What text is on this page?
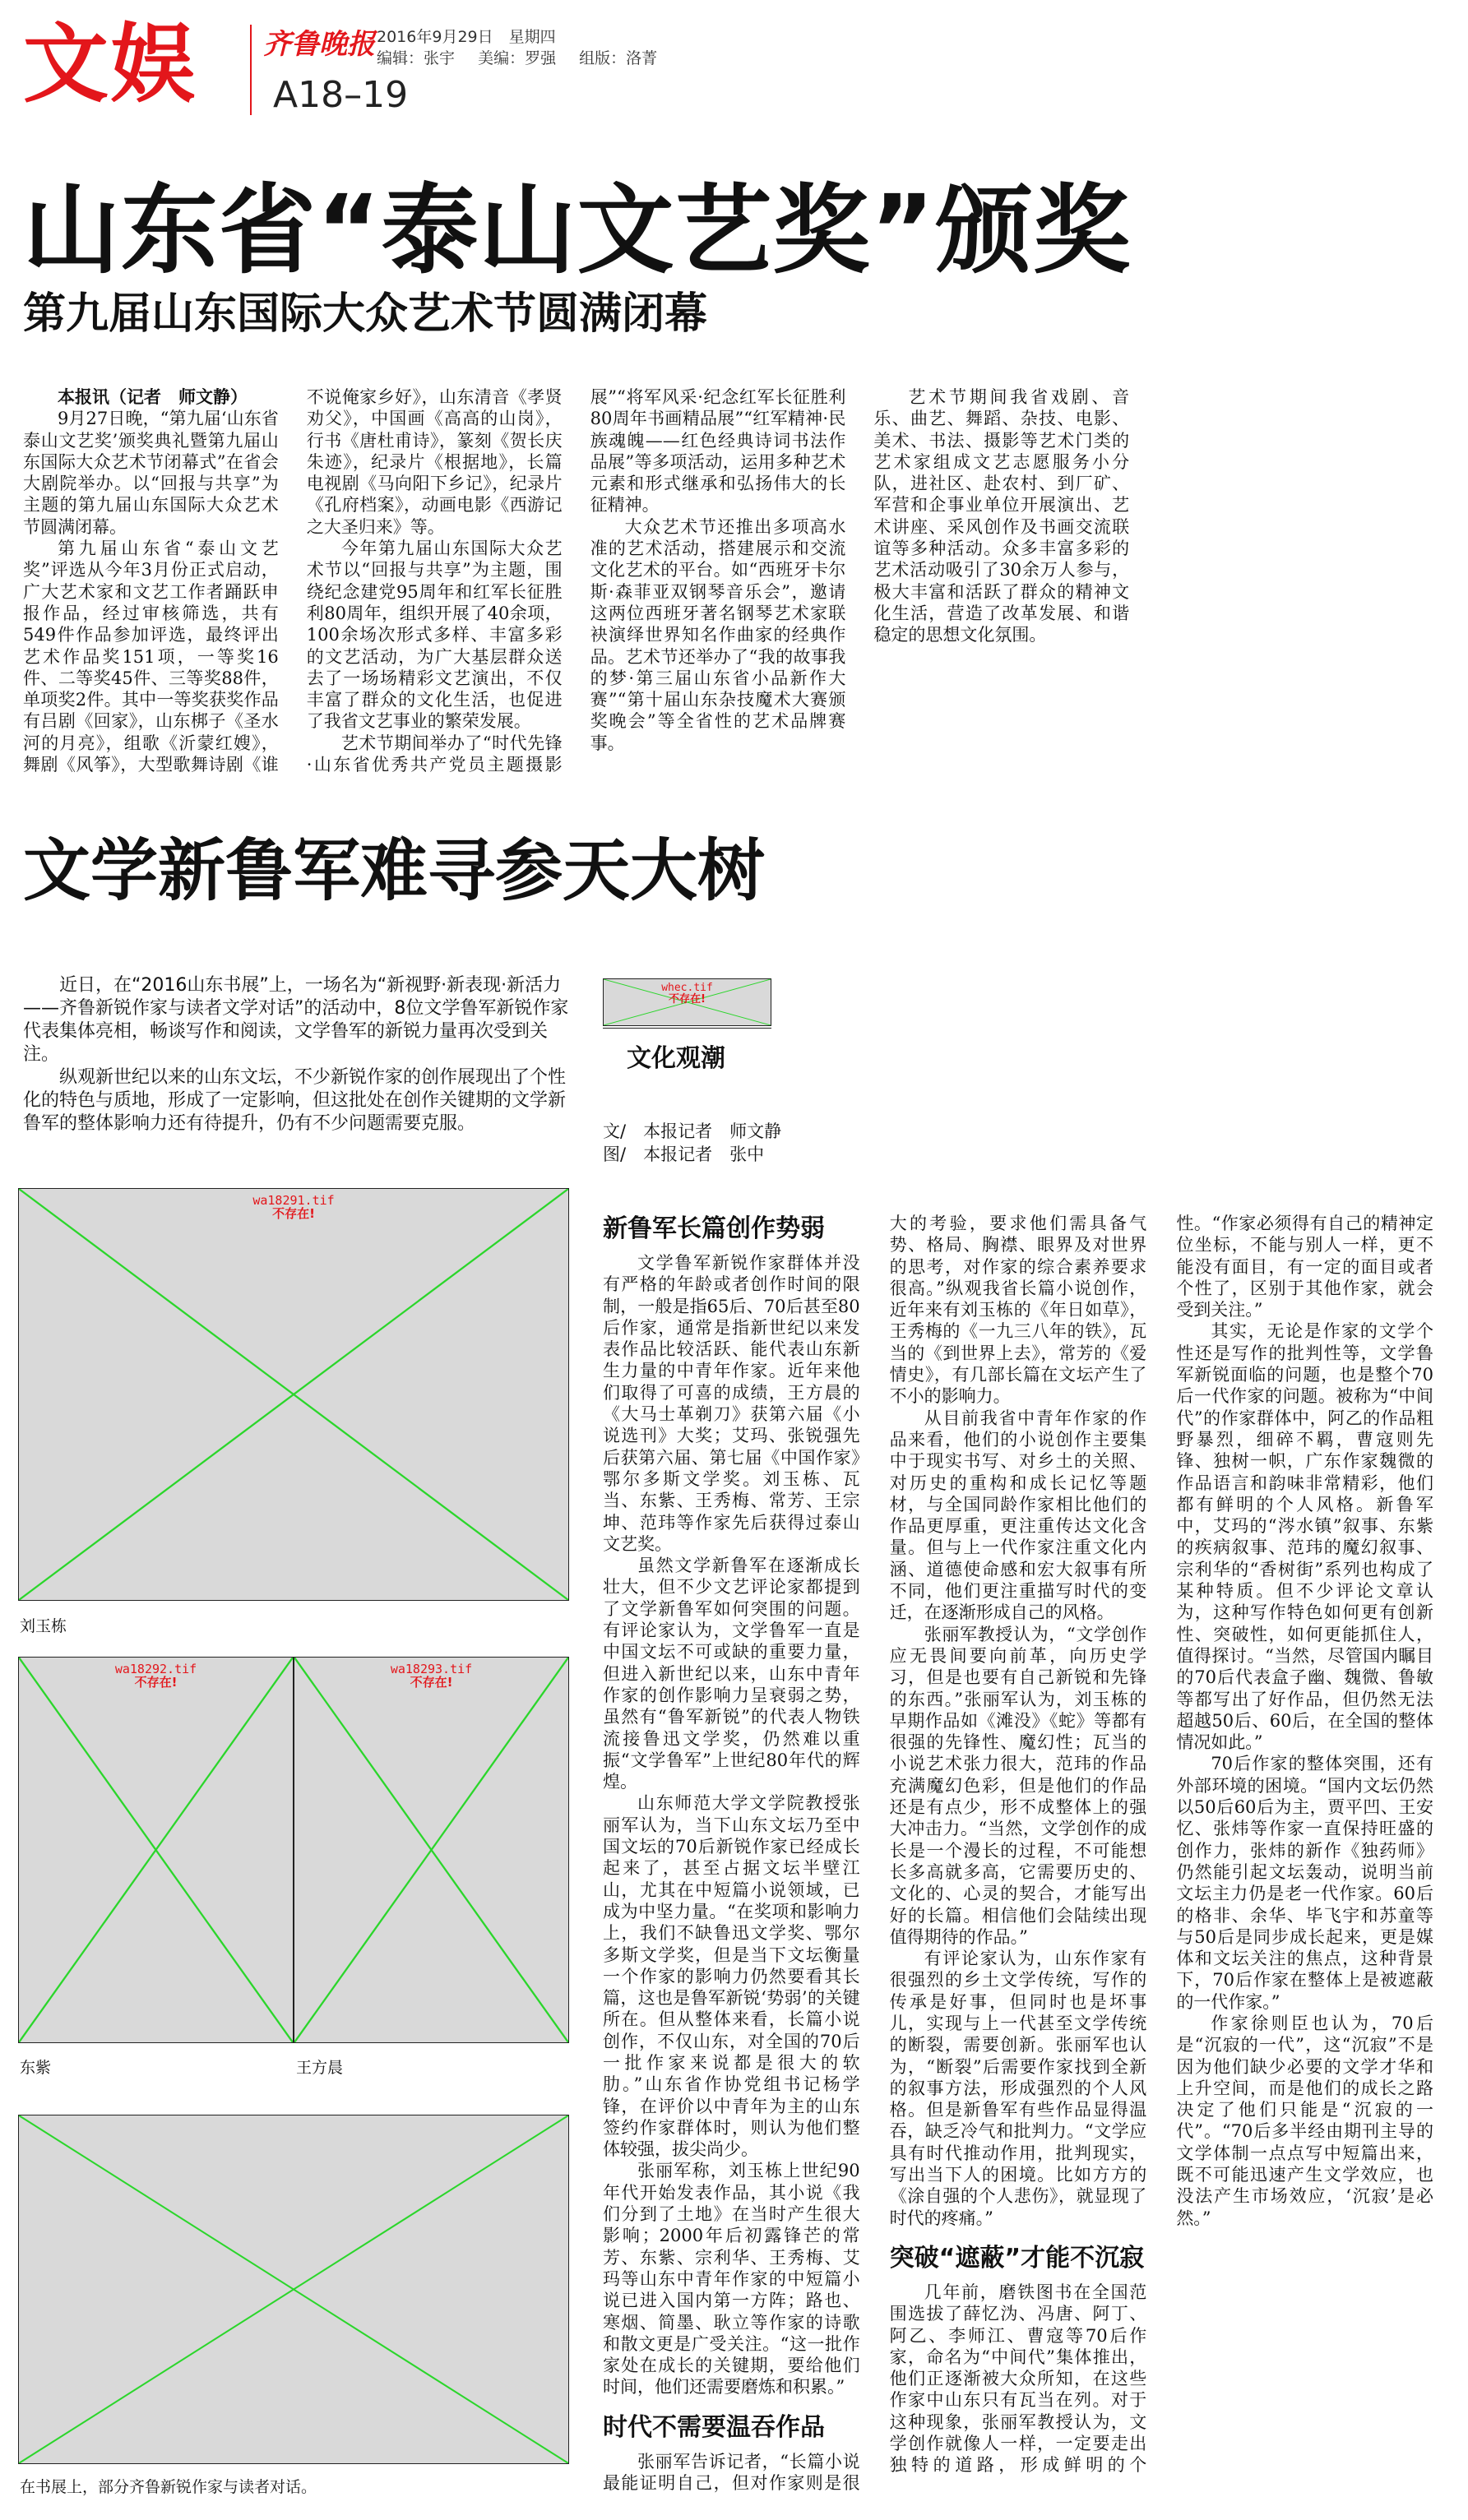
文娱 齐鲁晚报 2016年9月29日　星期四
编辑：张宇 美编：罗强 组版：洛菁
A18–19
山东省“泰山文艺奖”颁奖
第九届山东国际大众艺术节圆满闭幕

本报讯（记者　师文静）

9月27日晚，“第九届‘山东省泰山文艺奖’颁奖典礼暨第九届山东国际大众艺术节闭幕式”在省会大剧院举办。以“回报与共享”为主题的第九届山东国际大众艺术节圆满闭幕。

第九届山东省“泰山文艺奖”评选从今年3月份正式启动，广大艺术家和文艺工作者踊跃申报作品，经过审核筛选，共有549件作品参加评选，最终评出艺术作品奖151项，一等奖16件、二等奖45件、三等奖88件，单项奖2件。其中一等奖获奖作品有吕剧《回家》，山东梆子《圣水河的月亮》，组歌《沂蒙红嫂》，舞剧《风筝》，大型歌舞诗剧《谁不说俺家乡好》，山东清音《孝贤劝父》，中国画《高高的山岗》，行书《唐杜甫诗》，篆刻《贺长庆朱迹》，纪录片《根据地》，长篇电视剧《马向阳下乡记》，纪录片《孔府档案》，动画电影《西游记之大圣归来》等。

今年第九届山东国际大众艺术节以“回报与共享”为主题，围绕纪念建党95周年和红军长征胜利80周年，组织开展了40余项，100余场次形式多样、丰富多彩的文艺活动，为广大基层群众送去了一场场精彩文艺演出，不仅丰富了群众的文化生活，也促进了我省文艺事业的繁荣发展。

艺术节期间举办了“时代先锋·山东省优秀共产党员主题摄影展”“将军风采·纪念红军长征胜利80周年书画精品展”“红军精神·民族魂魄——红色经典诗词书法作品展”等多项活动，运用多种艺术元素和形式继承和弘扬伟大的长征精神。

大众艺术节还推出多项高水准的艺术活动，搭建展示和交流文化艺术的平台。如“西班牙卡尔斯·森菲亚双钢琴音乐会”，邀请这两位西班牙著名钢琴艺术家联袂演绎世界知名作曲家的经典作品。艺术节还举办了“我的故事我的梦·第三届山东省小品新作大赛”“第十届山东杂技魔术大赛颁奖晚会”等全省性的艺术品牌赛事。

艺术节期间我省戏剧、音乐、曲艺、舞蹈、杂技、电影、美术、书法、摄影等艺术门类的艺术家组成文艺志愿服务小分队，进社区、赴农村、到厂矿、军营和企事业单位开展演出、艺术讲座、采风创作及书画交流联谊等多种活动。众多丰富多彩的艺术活动吸引了30余万人参与，极大丰富和活跃了群众的精神文化生活，营造了改革发展、和谐稳定的思想文化氛围。

文学新鲁军难寻参天大树

近日，在“2016山东书展”上，一场名为“新视野·新表现·新活力——齐鲁新锐作家与读者文学对话”的活动中，8位文学鲁军新锐作家代表集体亮相，畅谈写作和阅读，文学鲁军的新锐力量再次受到关注。

纵观新世纪以来的山东文坛，不少新锐作家的创作展现出了个性化的特色与质地，形成了一定影响，但这批处在创作关键期的文学新鲁军的整体影响力还有待提升，仍有不少问题需要克服。

wa18291.tif
不存在!
刘玉栋
wa18292.tif
不存在!
东紫
wa18293.tif
不存在!
王方晨
在书展上，部分齐鲁新锐作家与读者对话。
whec.tif
不存在!
文化观潮
文/　本报记者　师文静
图/　本报记者　张中
新鲁军长篇创作势弱

文学鲁军新锐作家群体并没有严格的年龄或者创作时间的限制，一般是指65后、70后甚至80后作家，通常是指新世纪以来发表作品比较活跃、能代表山东新生力量的中青年作家。近年来他们取得了可喜的成绩，王方晨的《大马士革剃刀》获第六届《小说选刊》大奖；艾玛、张锐强先后获第六届、第七届《中国作家》鄂尔多斯文学奖。刘玉栋、瓦当、东紫、王秀梅、常芳、王宗坤、范玮等作家先后获得过泰山文艺奖。

虽然文学新鲁军在逐渐成长壮大，但不少文艺评论家都提到了文学新鲁军如何突围的问题。有评论家认为，文学鲁军一直是中国文坛不可或缺的重要力量，但进入新世纪以来，山东中青年作家的创作影响力呈衰弱之势，虽然有“鲁军新锐”的代表人物铁流接鲁迅文学奖，仍然难以重振“文学鲁军”上世纪80年代的辉煌。

山东师范大学文学院教授张丽军认为，当下山东文坛乃至中国文坛的70后新锐作家已经成长起来了，甚至占据文坛半壁江山，尤其在中短篇小说领域，已成为中坚力量。“在奖项和影响力上，我们不缺鲁迅文学奖、鄂尔多斯文学奖，但是当下文坛衡量一个作家的影响力仍然要看其长篇，这也是鲁军新锐‘势弱’的关键所在。但从整体来看，长篇小说创作，不仅山东，对全国的70后一批作家来说都是很大的软肋。”山东省作协党组书记杨学锋，在评价以中青年为主的山东签约作家群体时，则认为他们整体较强，拔尖尚少。

张丽军称，刘玉栋上世纪90年代开始发表作品，其小说《我们分到了土地》在当时产生很大影响；2000年后初露锋芒的常芳、东紫、宗利华、王秀梅、艾玛等山东中青年作家的中短篇小说已进入国内第一方阵；路也、寒烟、简墨、耿立等作家的诗歌和散文更是广受关注。“这一批作家处在成长的关键期，要给他们时间，他们还需要磨炼和积累。”

时代不需要温吞作品

张丽军告诉记者，“长篇小说最能证明自己，但对作家则是很大的考验，要求他们需具备气势、格局、胸襟、眼界及对世界的思考，对作家的综合素养要求很高。”纵观我省长篇小说创作，近年来有刘玉栋的《年日如草》，王秀梅的《一九三八年的铁》，瓦当的《到世界上去》，常芳的《爱情史》，有几部长篇在文坛产生了不小的影响力。

从目前我省中青年作家的作品来看，他们的小说创作主要集中于现实书写、对乡土的关照、对历史的重构和成长记忆等题材，与全国同龄作家相比他们的作品更厚重，更注重传达文化含量。但与上一代作家注重文化内涵、道德使命感和宏大叙事有所不同，他们更注重描写时代的变迁，在逐渐形成自己的风格。

张丽军教授认为，“文学创作应无畏间要向前革，向历史学习，但是也要有自己新锐和先锋的东西。”张丽军认为，刘玉栋的早期作品如《滩没》《蛇》等都有很强的先锋性、魔幻性；瓦当的小说艺术张力很大，范玮的作品充满魔幻色彩，但是他们的作品还是有点少，形不成整体上的强大冲击力。“当然，文学创作的成长是一个漫长的过程，不可能想长多高就多高，它需要历史的、文化的、心灵的契合，才能写出好的长篇。相信他们会陆续出现值得期待的作品。”

有评论家认为，山东作家有很强烈的乡土文学传统，写作的传承是好事，但同时也是坏事儿，实现与上一代甚至文学传统的断裂，需要创新。张丽军也认为，“断裂”后需要作家找到全新的叙事方法，形成强烈的个人风格。但是新鲁军有些作品显得温吞，缺乏冷气和批判力。“文学应具有时代推动作用，批判现实，写出当下人的困境。比如方方的《涂自强的个人悲伤》，就显现了时代的疼痛。”

突破“遮蔽”才能不沉寂

几年前，磨铁图书在全国范围选拔了薛忆沩、冯唐、阿丁、阿乙、李师江、曹寇等70后作家，命名为“中间代”集体推出，他们正逐渐被大众所知，在这些作家中山东只有瓦当在列。对于这种现象，张丽军教授认为，文学创作就像人一样，一定要走出独特的道路，形成鲜明的个性。“作家必须得有自己的精神定位坐标，不能与别人一样，更不能没有面目，有一定的面目或者个性了，区别于其他作家，就会受到关注。”

其实，无论是作家的文学个性还是写作的批判性等，文学鲁军新锐面临的问题，也是整个70后一代作家的问题。被称为“中间代”的作家群体中，阿乙的作品粗野暴烈，细碎不羁，曹寇则先锋、独树一帜，广东作家魏微的作品语言和韵味非常精彩，他们都有鲜明的个人风格。新鲁军中，艾玛的“涔水镇”叙事、东紫的疾病叙事、范玮的魔幻叙事、宗利华的“香树街”系列也构成了某种特质。但不少评论文章认为，这种写作特色如何更有创新性、突破性，如何更能抓住人，值得探讨。“当然，尽管国内瞩目的70后代表盒子幽、魏微、鲁敏等都写出了好作品，但仍然无法超越50后、60后，在全国的整体情况如此。”

70后作家的整体突围，还有外部环境的困境。“国内文坛仍然以50后60后为主，贾平凹、王安忆、张炜等作家一直保持旺盛的创作力，张炜的新作《独药师》仍然能引起文坛轰动，说明当前文坛主力仍是老一代作家。60后的格非、余华、毕飞宇和苏童等与50后是同步成长起来，更是媒体和文坛关注的焦点，这种背景下，70后作家在整体上是被遮蔽的一代作家。”

作家徐则臣也认为，70后是“沉寂的一代”，这“沉寂”不是因为他们缺少必要的文学才华和上升空间，而是他们的成长之路决定了他们只能是“沉寂的一代”。“70后多半经由期刊主导的文学体制一点点写中短篇出来，既不可能迅速产生文学效应，也没法产生市场效应，‘沉寂’是必然。”
